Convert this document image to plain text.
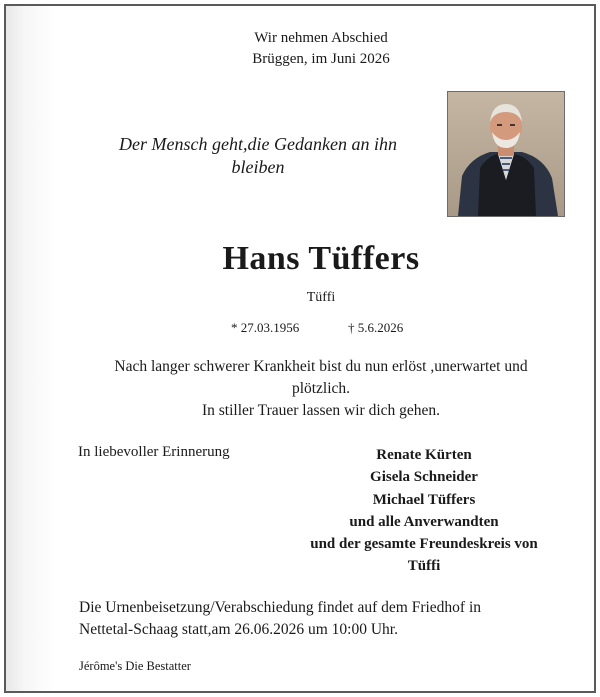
Wir nehmen Abschied
Brüggen, im Juni 2026
Der Mensch geht,die Gedanken an ihn
bleiben
Hans Tüffers
Tüffi
* 27.03.1956	† 5.6.2026
Nach langer schwerer Krankheit bist du nun erlöst ,unerwartet und
plötzlich.
In stiller Trauer lassen wir dich gehen.
In liebevoller Erinnerung	Renate Kürten
Gisela Schneider
Michael Tüffers
und alle Anverwandten
und der gesamte Freundeskreis von
Tüffi
Die Urnenbeisetzung/Verabschiedung findet auf dem Friedhof in
Nettetal-Schaag statt,am 26.06.2026 um 10:00 Uhr.
Jérôme's Die Bestatter
